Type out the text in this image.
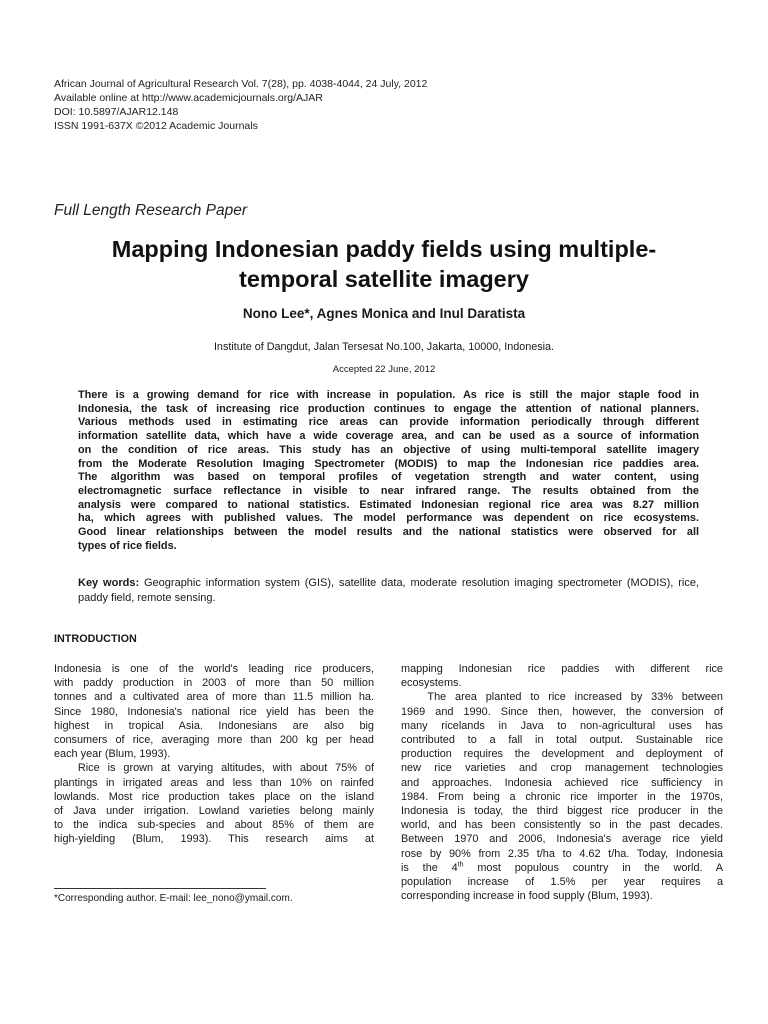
African Journal of Agricultural Research Vol. 7(28), pp. 4038-4044, 24 July, 2012
Available online at http://www.academicjournals.org/AJAR
DOI: 10.5897/AJAR12.148
ISSN 1991-637X ©2012 Academic Journals
Full Length Research Paper
Mapping Indonesian paddy fields using multiple-
temporal satellite imagery
Nono Lee*, Agnes Monica and Inul Daratista
Institute of Dangdut, Jalan Tersesat No.100, Jakarta, 10000, Indonesia.
Accepted 22 June, 2012
There is a growing demand for rice with increase in population. As rice is still the major staple food in
Indonesia, the task of increasing rice production continues to engage the attention of national planners.
Various methods used in estimating rice areas can provide information periodically through different
information satellite data, which have a wide coverage area, and can be used as a source of information
on the condition of rice areas. This study has an objective of using multi-temporal satellite imagery
from the Moderate Resolution Imaging Spectrometer (MODIS) to map the Indonesian rice paddies area.
The algorithm was based on temporal profiles of vegetation strength and water content, using
electromagnetic surface reflectance in visible to near infrared range. The results obtained from the
analysis were compared to national statistics. Estimated Indonesian regional rice area was 8.27 million
ha, which agrees with published values. The model performance was dependent on rice ecosystems.
Good linear relationships between the model results and the national statistics were observed for all
types of rice fields.
Key words: Geographic information system (GIS), satellite data, moderate resolution imaging spectrometer (MODIS), rice, paddy field, remote sensing.
INTRODUCTION
Indonesia is one of the world's leading rice producers,
with paddy production in 2003 of more than 50 million
tonnes and a cultivated area of more than 11.5 million ha.
Since 1980, Indonesia's national rice yield has been the
highest in tropical Asia. Indonesians are also big
consumers of rice, averaging more than 200 kg per head
each year (Blum, 1993).
Rice is grown at varying altitudes, with about 75% of
plantings in irrigated areas and less than 10% on rainfed
lowlands. Most rice production takes place on the island
of Java under irrigation. Lowland varieties belong mainly
to the indica sub-species and about 85% of them are
high-yielding (Blum, 1993). This research aims at
mapping Indonesian rice paddies with different rice
ecosystems.
The area planted to rice increased by 33% between
1969 and 1990. Since then, however, the conversion of
many ricelands in Java to non-agricultural uses has
contributed to a fall in total output. Sustainable rice
production requires the development and deployment of
new rice varieties and crop management technologies
and approaches. Indonesia achieved rice sufficiency in
1984. From being a chronic rice importer in the 1970s,
Indonesia is today, the third biggest rice producer in the
world, and has been consistently so in the past decades.
Between 1970 and 2006, Indonesia's average rice yield
rose by 90% from 2.35 t/ha to 4.62 t/ha. Today, Indonesia
is the 4th most populous country in the world. A
population increase of 1.5% per year requires a
corresponding increase in food supply (Blum, 1993).
*Corresponding author. E-mail: lee_nono@ymail.com.
